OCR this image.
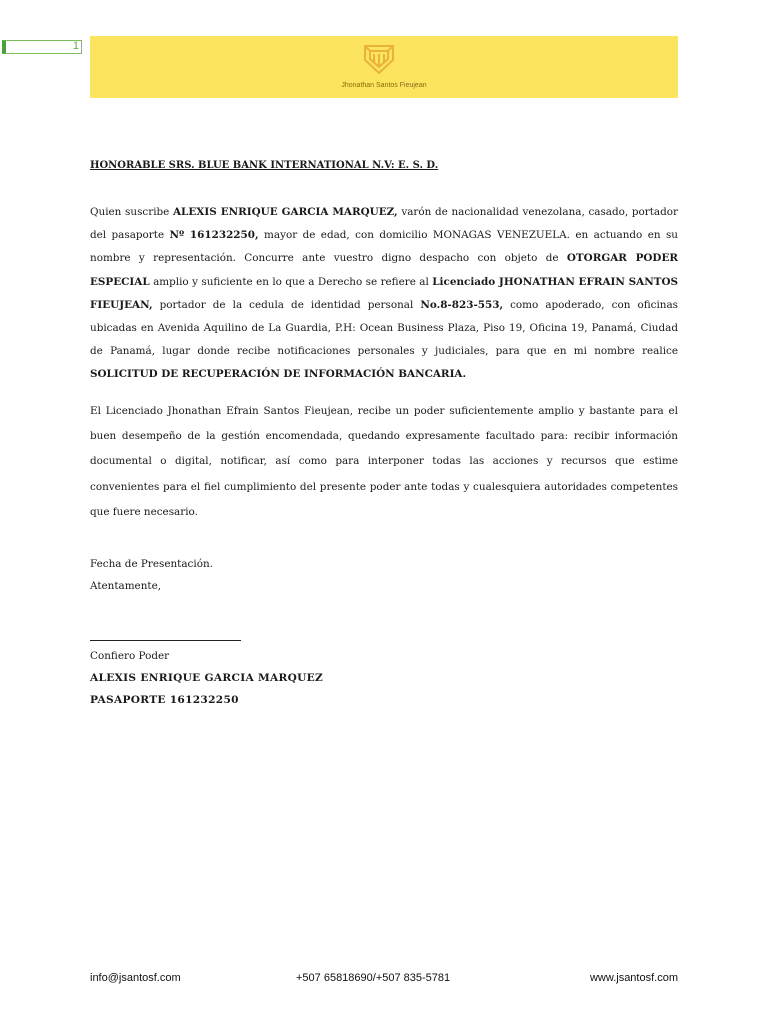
1
Jhonathan Santos Fieujean
HONORABLE SRS. BLUE BANK INTERNATIONAL N.V: E. S. D.
Quien suscribe ALEXIS ENRIQUE GARCIA MARQUEZ, varón de nacionalidad venezolana, casado, portador del pasaporte Nº 161232250, mayor de edad, con domicilio MONAGAS VENEZUELA. en actuando en su nombre y representación. Concurre ante vuestro digno despacho con objeto de OTORGAR PODER ESPECIAL amplio y suficiente en lo que a Derecho se refiere al Licenciado JHONATHAN EFRAIN SANTOS FIEUJEAN, portador de la cedula de identidad personal No.8-823-553, como apoderado, con oficinas ubicadas en Avenida Aquilino de La Guardia, P.H: Ocean Business Plaza, Piso 19, Oficina 19, Panamá, Ciudad de Panamá, lugar donde recibe notificaciones personales y judiciales, para que en mi nombre realice SOLICITUD DE RECUPERACIÓN DE INFORMACIÓN BANCARIA.
El Licenciado Jhonathan Efrain Santos Fieujean, recibe un poder suficientemente amplio y bastante para el buen desempeño de la gestión encomendada, quedando expresamente facultado para: recibir información documental o digital, notificar, así como para interponer todas las acciones y recursos que estime convenientes para el fiel cumplimiento del presente poder ante todas y cualesquiera autoridades competentes que fuere necesario.
Fecha de Presentación.
Atentamente,
Confiero Poder
ALEXIS ENRIQUE GARCIA MARQUEZ
PASAPORTE 161232250
info@jsantosf.com	+507 65818690/+507 835-5781	www.jsantosf.com
